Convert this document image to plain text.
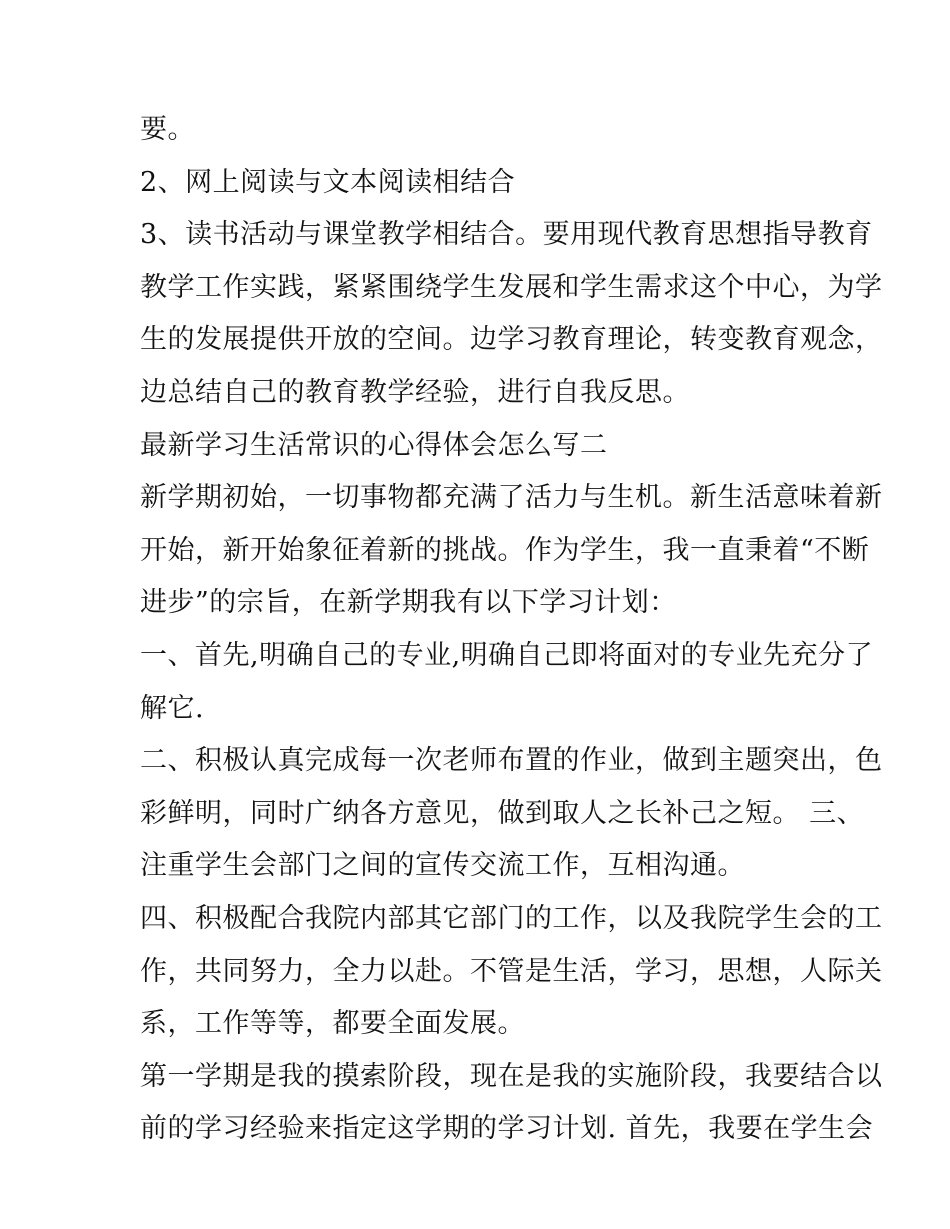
要。

2、网上阅读与文本阅读相结合

3、读书活动与课堂教学相结合。要用现代教育思想指导教育

教学工作实践，紧紧围绕学生发展和学生需求这个中心，为学

生的发展提供开放的空间。边学习教育理论，转变教育观念，

边总结自己的教育教学经验，进行自我反思。

最新学习生活常识的心得体会怎么写二

新学期初始，一切事物都充满了活力与生机。新生活意味着新

开始，新开始象征着新的挑战。作为学生，我一直秉着“不断

进步”的宗旨，在新学期我有以下学习计划：

一、首先,明确自己的专业,明确自己即将面对的专业先充分了

解它.

二、积极认真完成每一次老师布置的作业，做到主题突出，色

彩鲜明，同时广纳各方意见，做到取人之长补己之短。 三、

注重学生会部门之间的宣传交流工作，互相沟通。

四、积极配合我院内部其它部门的工作，以及我院学生会的工

作，共同努力，全力以赴。不管是生活，学习，思想，人际关

系，工作等等，都要全面发展。

第一学期是我的摸索阶段，现在是我的实施阶段，我要结合以

前的学习经验来指定这学期的学习计划. 首先，我要在学生会
